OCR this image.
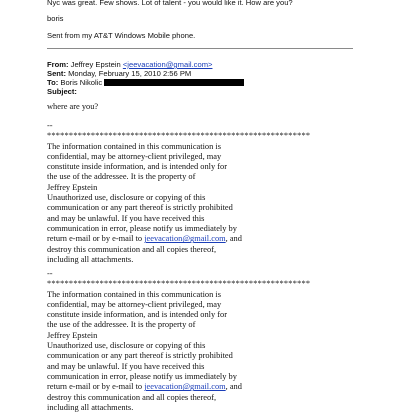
Nyc was great. Few shows. Lot of talent - you would like it. How are you?
boris
Sent from my AT&T Windows Mobile phone.
From: Jeffrey Epstein <jeevacation@gmail.com>
Sent: Monday, February 15, 2010 2:56 PM
To: Boris Nikolic
Subject:
where are you?
--
************************************************************
The information contained in this communication is
confidential, may be attorney-client privileged, may
constitute inside information, and is intended only for
the use of the addressee. It is the property of
Jeffrey Epstein
Unauthorized use, disclosure or copying of this
communication or any part thereof is strictly prohibited
and may be unlawful. If you have received this
communication in error, please notify us immediately by
return e-mail or by e-mail to jeevacation@gmail.com, and
destroy this communication and all copies thereof,
including all attachments.
--
************************************************************
The information contained in this communication is
confidential, may be attorney-client privileged, may
constitute inside information, and is intended only for
the use of the addressee. It is the property of
Jeffrey Epstein
Unauthorized use, disclosure or copying of this
communication or any part thereof is strictly prohibited
and may be unlawful. If you have received this
communication in error, please notify us immediately by
return e-mail or by e-mail to jeevacation@gmail.com, and
destroy this communication and all copies thereof,
including all attachments.
